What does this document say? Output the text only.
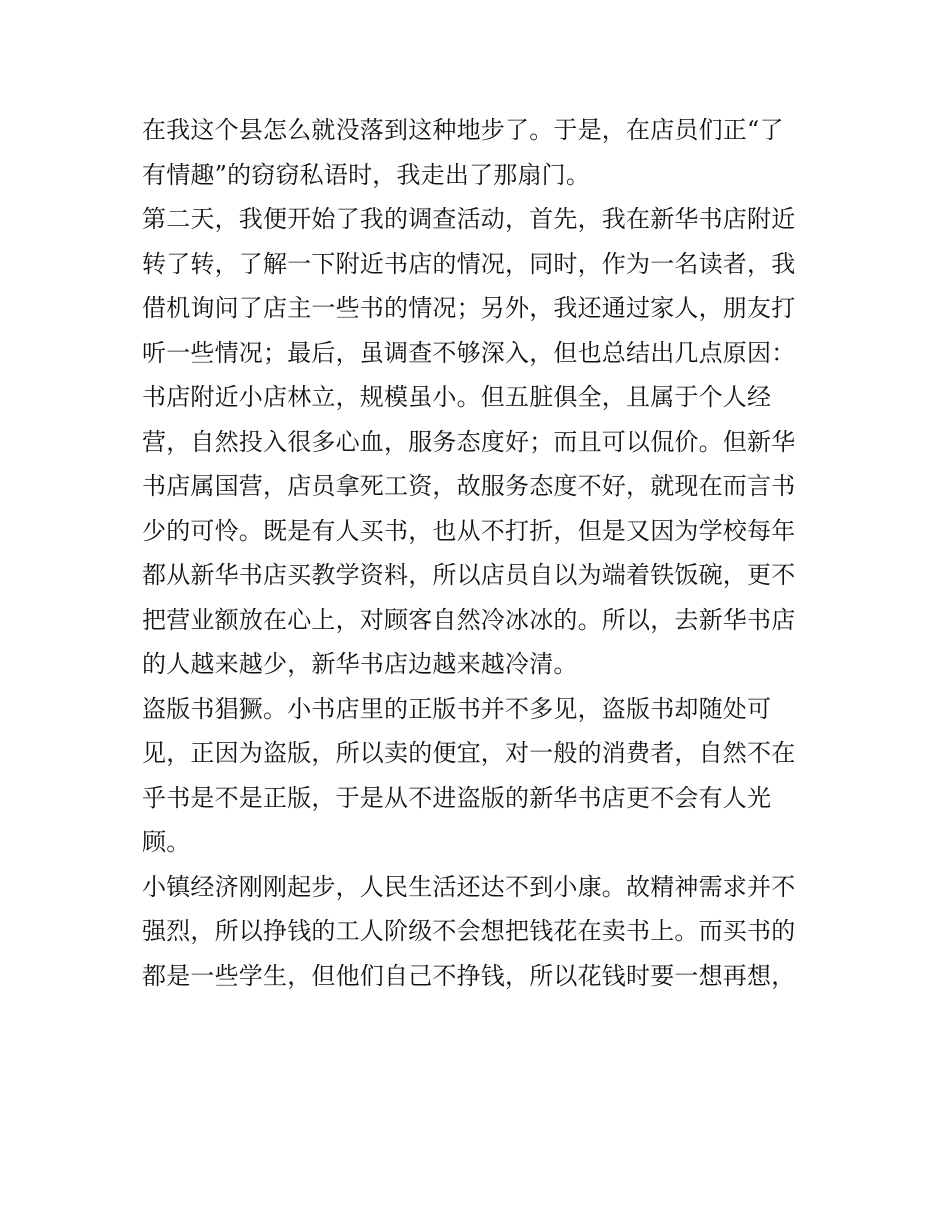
在我这个县怎么就没落到这种地步了。于是，在店员们正“了
有情趣”的窃窃私语时，我走出了那扇门。
第二天，我便开始了我的调查活动，首先，我在新华书店附近
转了转，了解一下附近书店的情况，同时，作为一名读者，我
借机询问了店主一些书的情况；另外，我还通过家人，朋友打
听一些情况；最后，虽调查不够深入，但也总结出几点原因：
书店附近小店林立，规模虽小。但五脏俱全，且属于个人经
营，自然投入很多心血，服务态度好；而且可以侃价。但新华
书店属国营，店员拿死工资，故服务态度不好，就现在而言书
少的可怜。既是有人买书，也从不打折，但是又因为学校每年
都从新华书店买教学资料，所以店员自以为端着铁饭碗，更不
把营业额放在心上，对顾客自然冷冰冰的。所以，去新华书店
的人越来越少，新华书店边越来越冷清。
盗版书猖獗。小书店里的正版书并不多见，盗版书却随处可
见，正因为盗版，所以卖的便宜，对一般的消费者，自然不在
乎书是不是正版，于是从不进盗版的新华书店更不会有人光
顾。
小镇经济刚刚起步，人民生活还达不到小康。故精神需求并不
强烈，所以挣钱的工人阶级不会想把钱花在卖书上。而买书的
都是一些学生，但他们自己不挣钱，所以花钱时要一想再想，
